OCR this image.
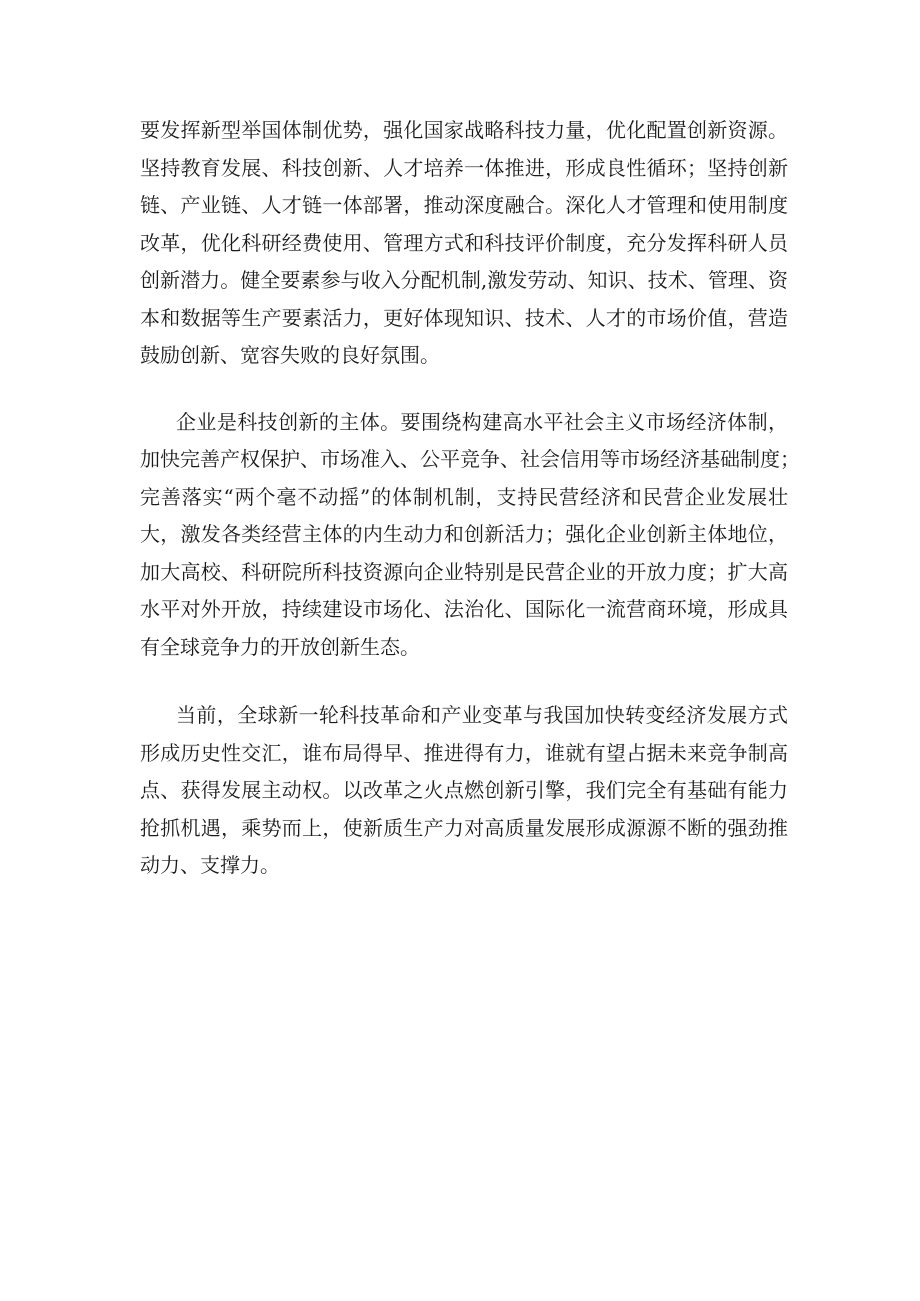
要发挥新型举国体制优势，强化国家战略科技力量，优化配置创新资源。
坚持教育发展、科技创新、人才培养一体推进，形成良性循环；坚持创新
链、产业链、人才链一体部署，推动深度融合。深化人才管理和使用制度
改革，优化科研经费使用、管理方式和科技评价制度，充分发挥科研人员
创新潜力。健全要素参与收入分配机制,激发劳动、知识、技术、管理、资
本和数据等生产要素活力，更好体现知识、技术、人才的市场价值，营造
鼓励创新、宽容失败的良好氛围。

企业是科技创新的主体。要围绕构建高水平社会主义市场经济体制，
加快完善产权保护、市场准入、公平竞争、社会信用等市场经济基础制度；
完善落实“两个毫不动摇”的体制机制，支持民营经济和民营企业发展壮
大，激发各类经营主体的内生动力和创新活力；强化企业创新主体地位，
加大高校、科研院所科技资源向企业特别是民营企业的开放力度；扩大高
水平对外开放，持续建设市场化、法治化、国际化一流营商环境，形成具
有全球竞争力的开放创新生态。

当前，全球新一轮科技革命和产业变革与我国加快转变经济发展方式
形成历史性交汇，谁布局得早、推进得有力，谁就有望占据未来竞争制高
点、获得发展主动权。以改革之火点燃创新引擎，我们完全有基础有能力
抢抓机遇，乘势而上，使新质生产力对高质量发展形成源源不断的强劲推
动力、支撑力。
